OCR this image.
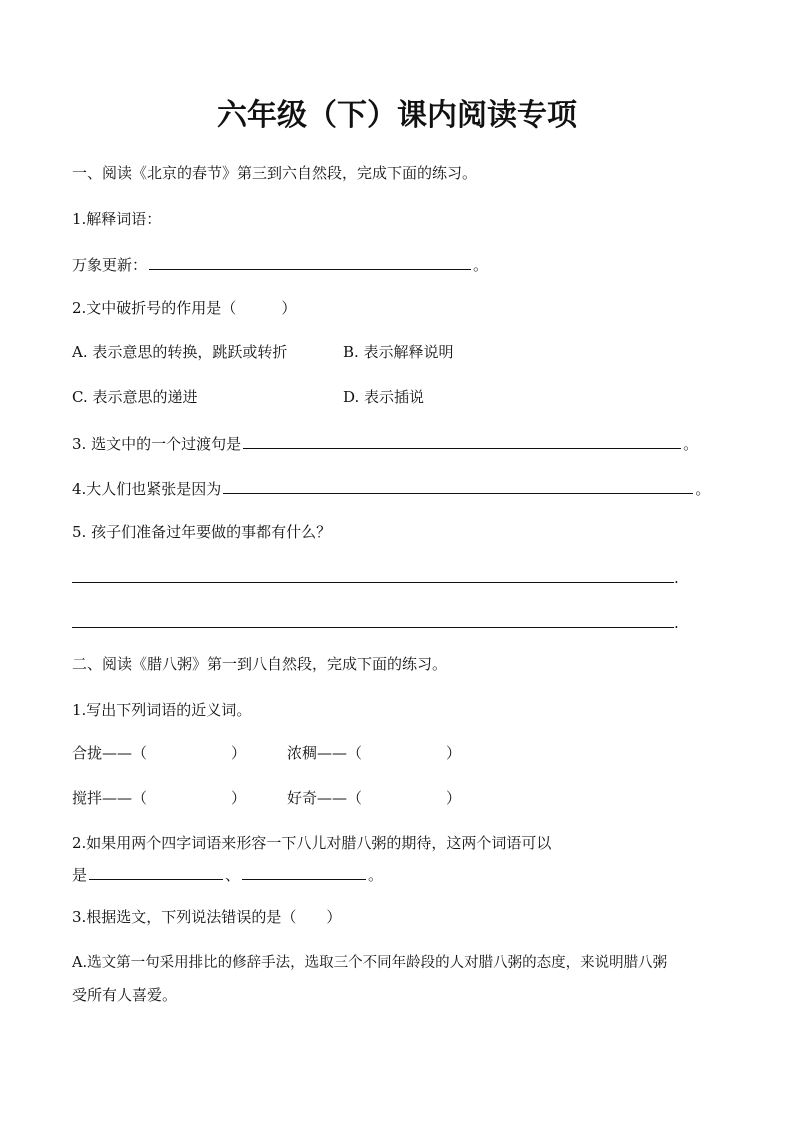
六年级（下）课内阅读专项
一、阅读《北京的春节》第三到六自然段，完成下面的练习。
1.解释词语：
万象更新：	。
2.文中破折号的作用是（　　　）
A. 表示意思的转换，跳跃或转折	B. 表示解释说明
C. 表示意思的递进	D. 表示插说
3. 选文中的一个过渡句是	。
4.大人们也紧张是因为	。
5. 孩子们准备过年要做的事都有什么？
.
.
二、阅读《腊八粥》第一到八自然段，完成下面的练习。
1.写出下列词语的近义词。
合拢——（	）	浓稠——（	）
搅拌——（	）	好奇——（	）
2.如果用两个四字词语来形容一下八儿对腊八粥的期待，这两个词语可以
是	、	。
3.根据选文，下列说法错误的是（　　）
A.选文第一句采用排比的修辞手法，选取三个不同年龄段的人对腊八粥的态度，来说明腊八粥
受所有人喜爱。
